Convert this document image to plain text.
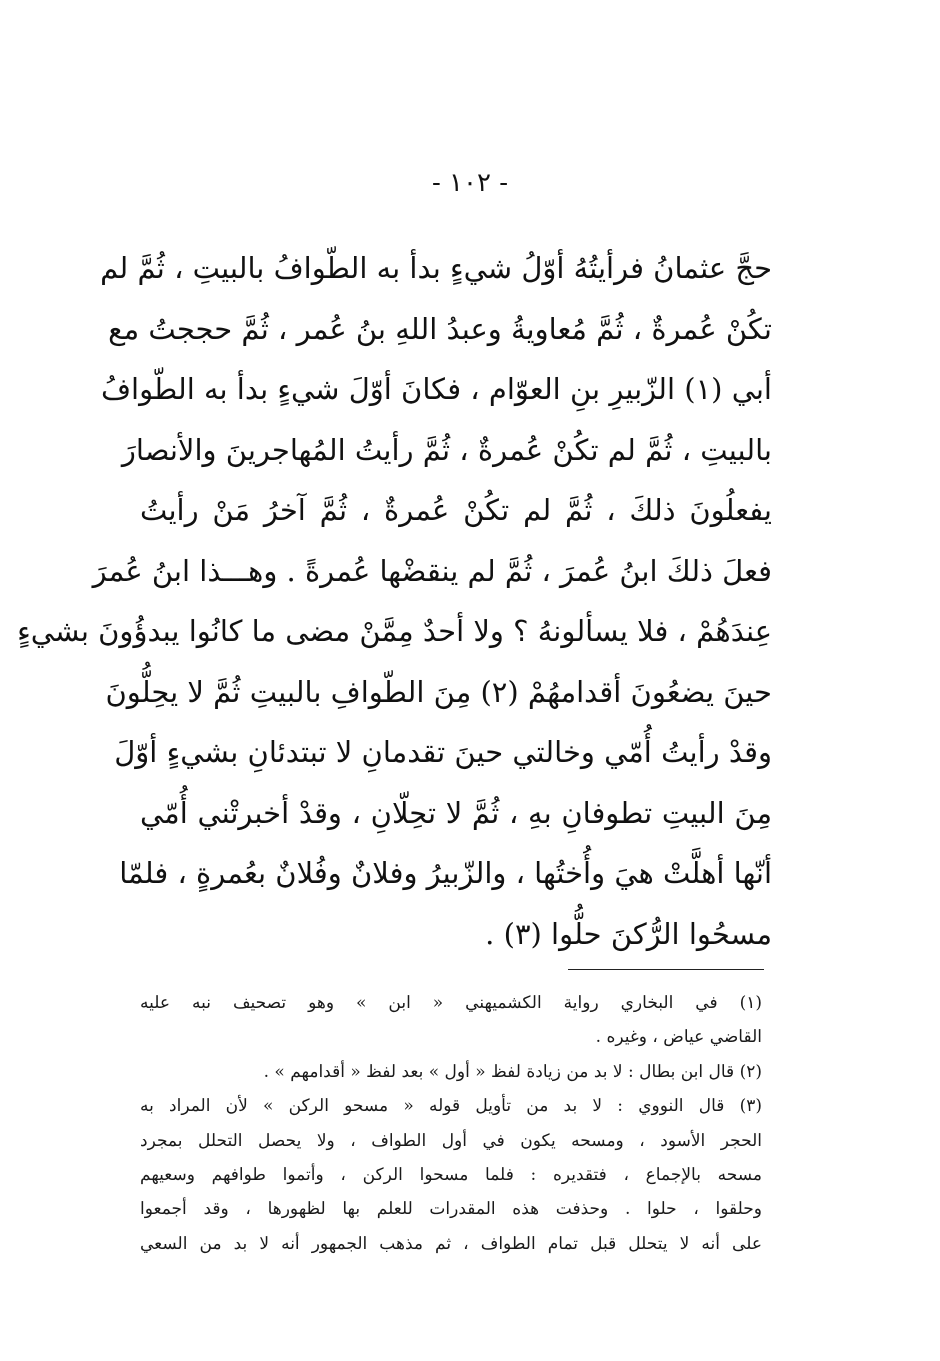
- ١٠٢ -
حجَّ عثمانُ فرأيتُهُ أوّلُ شيءٍ بدأ به الطّوافُ بالبيتِ ، ثُمَّ لم
تكُنْ عُمرةٌ ، ثُمَّ مُعاويةُ وعبدُ اللهِ بنُ عُمر ، ثُمَّ حججتُ مع
أبي (١) الزّبيرِ بنِ العوّام ، فكانَ أوّلَ شيءٍ بدأ به الطّوافُ
بالبيتِ ، ثُمَّ لم تكُنْ عُمرةٌ ، ثُمَّ رأيتُ المُهاجرينَ والأنصارَ
يفعلُونَ ذلكَ ، ثُمَّ لم تكُنْ عُمرةٌ ، ثُمَّ آخرُ مَنْ رأيتُ
فعلَ ذلكَ ابنُ عُمرَ ، ثُمَّ لم ينقضْها عُمرةً . وهـــذا ابنُ عُمرَ
عِندَهُمْ ، فلا يسألونهُ ؟ ولا أحدٌ مِمَّنْ مضى ما كانُوا يبدؤُونَ بشيءٍ
حينَ يضعُونَ أقدامهُمْ (٢) مِنَ الطّوافِ بالبيتِ ثُمَّ لا يحِلُّونَ
وقدْ رأيتُ أُمّي وخالتي حينَ تقدمانِ لا تبتدئانِ بشيءٍ أوّلَ
مِنَ البيتِ تطوفانِ بهِ ، ثُمَّ لا تحِلّانِ ، وقدْ أخبرتْني أُمّي
أنّها أهلَّتْ هيَ وأُختُها ، والزّبيرُ وفلانٌ وفُلانٌ بعُمرةٍ ، فلمّا
مسحُوا الرُّكنَ حلُّوا (٣) .
(١) في البخاري رواية الكشميهني « ابن » وهو تصحيف نبه عليه
القاضي عياض ، وغيره .
(٢) قال ابن بطال : لا بد من زيادة لفظ « أول » بعد لفظ « أقدامهم » .
(٣) قال النووي : لا بد من تأويل قوله « مسحو الركن » لأن المراد به
الحجر الأسود ، ومسحه يكون في أول الطواف ، ولا يحصل التحلل بمجرد
مسحه بالإجماع ، فتقديره : فلما مسحوا الركن ، وأتموا طوافهم وسعيهم
وحلقوا ، حلوا . وحذفت هذه المقدرات للعلم بها لظهورها ، وقد أجمعوا
على أنه لا يتحلل قبل تمام الطواف ، ثم مذهب الجمهور أنه لا بد من السعي
